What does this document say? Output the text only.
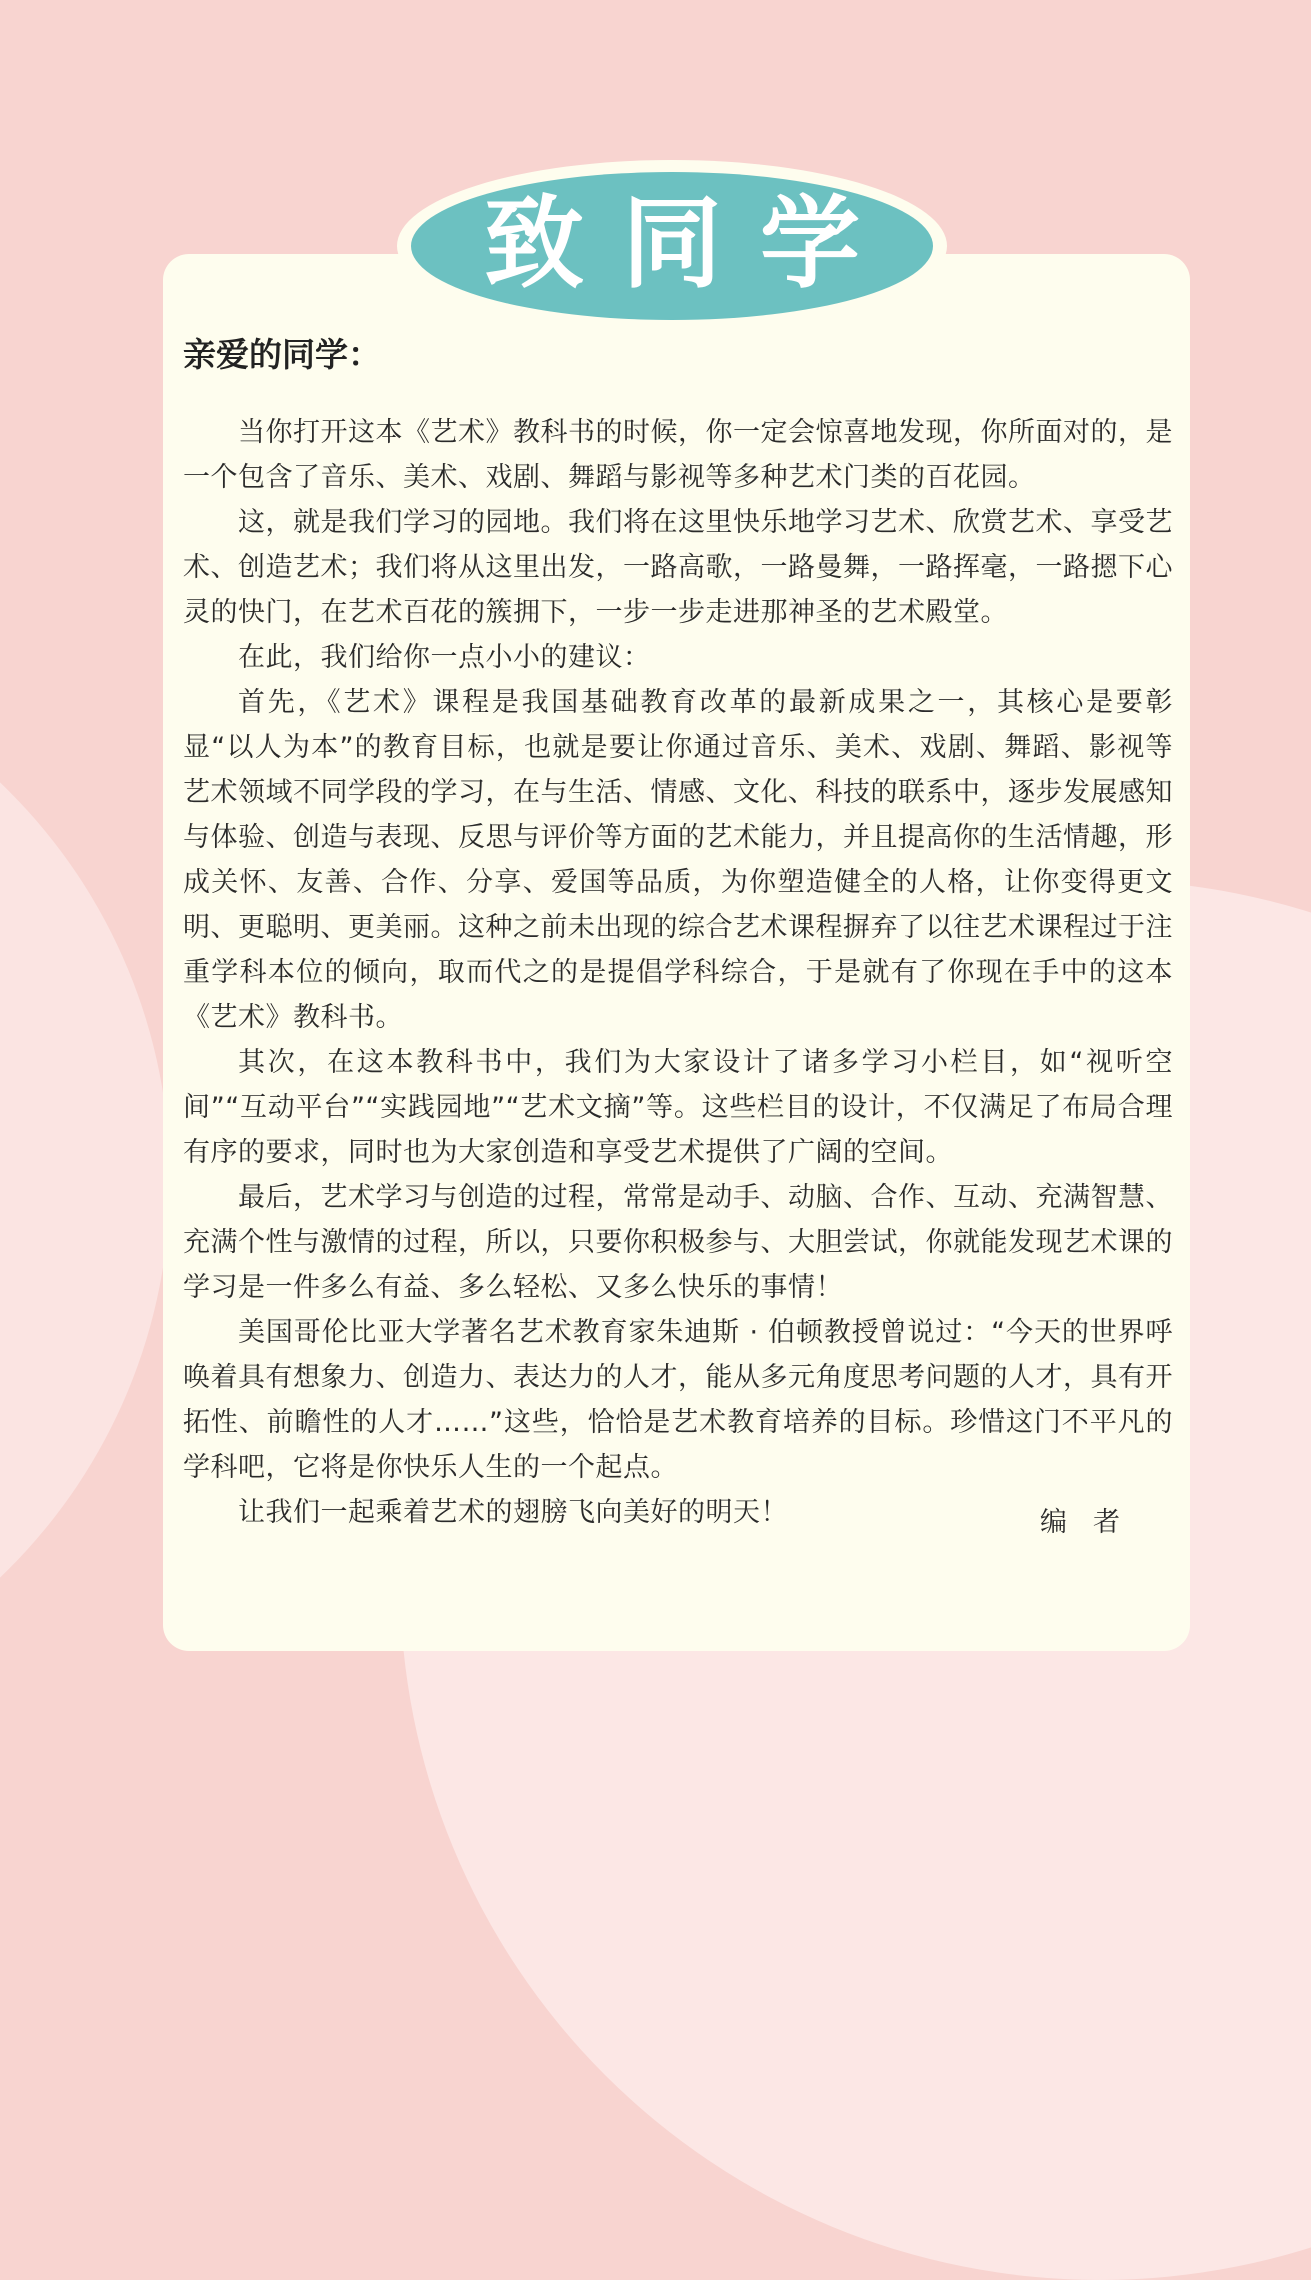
致同学

亲爱的同学：

当你打开这本《艺术》教科书的时候，你一定会惊喜地发现，你所面对的，是一个包含了音乐、美术、戏剧、舞蹈与影视等多种艺术门类的百花园。

这，就是我们学习的园地。我们将在这里快乐地学习艺术、欣赏艺术、享受艺术、创造艺术；我们将从这里出发，一路高歌，一路曼舞，一路挥毫，一路摁下心灵的快门，在艺术百花的簇拥下，一步一步走进那神圣的艺术殿堂。

在此，我们给你一点小小的建议：

首先，《艺术》课程是我国基础教育改革的最新成果之一，其核心是要彰显“以人为本”的教育目标，也就是要让你通过音乐、美术、戏剧、舞蹈、影视等艺术领域不同学段的学习，在与生活、情感、文化、科技的联系中，逐步发展感知与体验、创造与表现、反思与评价等方面的艺术能力，并且提高你的生活情趣，形成关怀、友善、合作、分享、爱国等品质，为你塑造健全的人格，让你变得更文明、更聪明、更美丽。这种之前未出现的综合艺术课程摒弃了以往艺术课程过于注重学科本位的倾向，取而代之的是提倡学科综合，于是就有了你现在手中的这本《艺术》教科书。

其次，在这本教科书中，我们为大家设计了诸多学习小栏目，如“视听空间”“互动平台”“实践园地”“艺术文摘”等。这些栏目的设计，不仅满足了布局合理有序的要求，同时也为大家创造和享受艺术提供了广阔的空间。

最后，艺术学习与创造的过程，常常是动手、动脑、合作、互动、充满智慧、充满个性与激情的过程，所以，只要你积极参与、大胆尝试，你就能发现艺术课的学习是一件多么有益、多么轻松、又多么快乐的事情！

美国哥伦比亚大学著名艺术教育家朱迪斯 · 伯顿教授曾说过：“今天的世界呼唤着具有想象力、创造力、表达力的人才，能从多元角度思考问题的人才，具有开拓性、前瞻性的人才……”这些，恰恰是艺术教育培养的目标。珍惜这门不平凡的学科吧，它将是你快乐人生的一个起点。

让我们一起乘着艺术的翅膀飞向美好的明天！	编者
